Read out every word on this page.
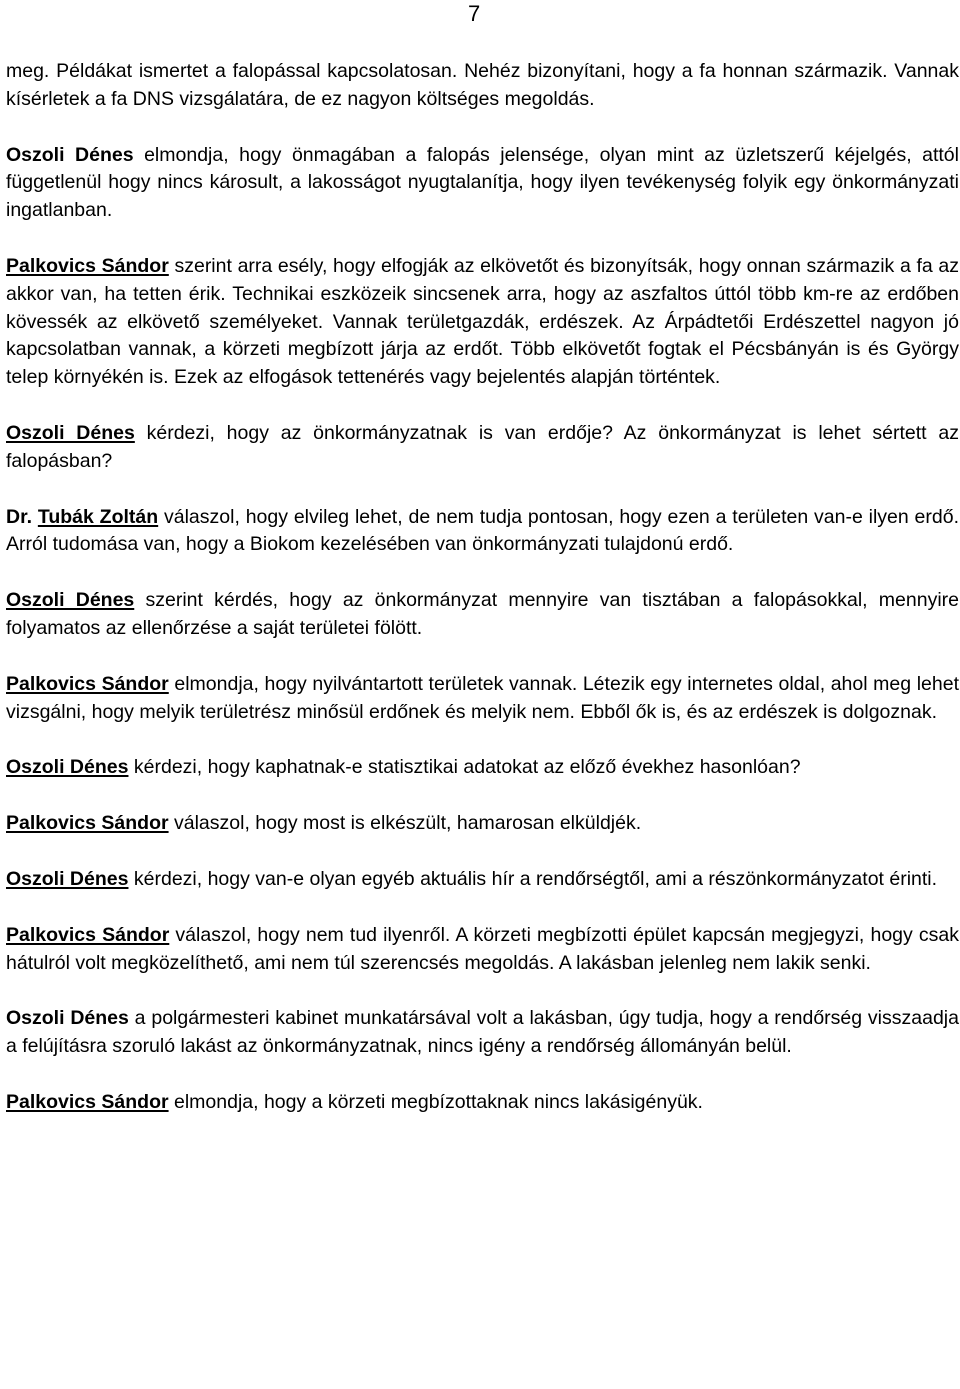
7

meg. Példákat ismertet a falopással kapcsolatosan. Nehéz bizonyítani, hogy a fa honnan származik. Vannak kísérletek a fa DNS vizsgálatára, de ez nagyon költséges megoldás.

Oszoli Dénes elmondja, hogy önmagában a falopás jelensége, olyan mint az üzletszerű kéjelgés, attól függetlenül hogy nincs károsult, a lakosságot nyugtalanítja, hogy ilyen tevékenység folyik egy önkormányzati ingatlanban.

Palkovics Sándor szerint arra esély, hogy elfogják az elkövetőt és bizonyítsák, hogy onnan származik a fa az akkor van, ha tetten érik. Technikai eszközeik sincsenek arra, hogy az aszfaltos úttól több km-re az erdőben kövessék az elkövető személyeket. Vannak területgazdák, erdészek. Az Árpádtetői Erdészettel nagyon jó kapcsolatban vannak, a körzeti megbízott járja az erdőt. Több elkövetőt fogtak el Pécsbányán is és György telep környékén is. Ezek az elfogások tettenérés vagy bejelentés alapján történtek.

Oszoli Dénes kérdezi, hogy az önkormányzatnak is van erdője? Az önkormányzat is lehet sértett az falopásban?

Dr. Tubák Zoltán válaszol, hogy elvileg lehet, de nem tudja pontosan, hogy ezen a területen van-e ilyen erdő. Arról tudomása van, hogy a Biokom kezelésében van önkormányzati tulajdonú erdő.

Oszoli Dénes szerint kérdés, hogy az önkormányzat mennyire van tisztában a falopásokkal, mennyire folyamatos az ellenőrzése a saját területei fölött.

Palkovics Sándor elmondja, hogy nyilvántartott területek vannak. Létezik egy internetes oldal, ahol meg lehet vizsgálni, hogy melyik területrész minősül erdőnek és melyik nem. Ebből ők is, és az erdészek is dolgoznak.

Oszoli Dénes kérdezi, hogy kaphatnak-e statisztikai adatokat az előző évekhez hasonlóan?

Palkovics Sándor válaszol, hogy most is elkészült, hamarosan elküldjék.

Oszoli Dénes kérdezi, hogy van-e olyan egyéb aktuális hír a rendőrségtől, ami a részönkormányzatot érinti.

Palkovics Sándor válaszol, hogy nem tud ilyenről. A körzeti megbízotti épület kapcsán megjegyzi, hogy csak hátulról volt megközelíthető, ami nem túl szerencsés megoldás. A lakásban jelenleg nem lakik senki.

Oszoli Dénes a polgármesteri kabinet munkatársával volt a lakásban, úgy tudja, hogy a rendőrség visszaadja a felújításra szoruló lakást az önkormányzatnak, nincs igény a rendőrség állományán belül.

Palkovics Sándor elmondja, hogy a körzeti megbízottaknak nincs lakásigényük.
